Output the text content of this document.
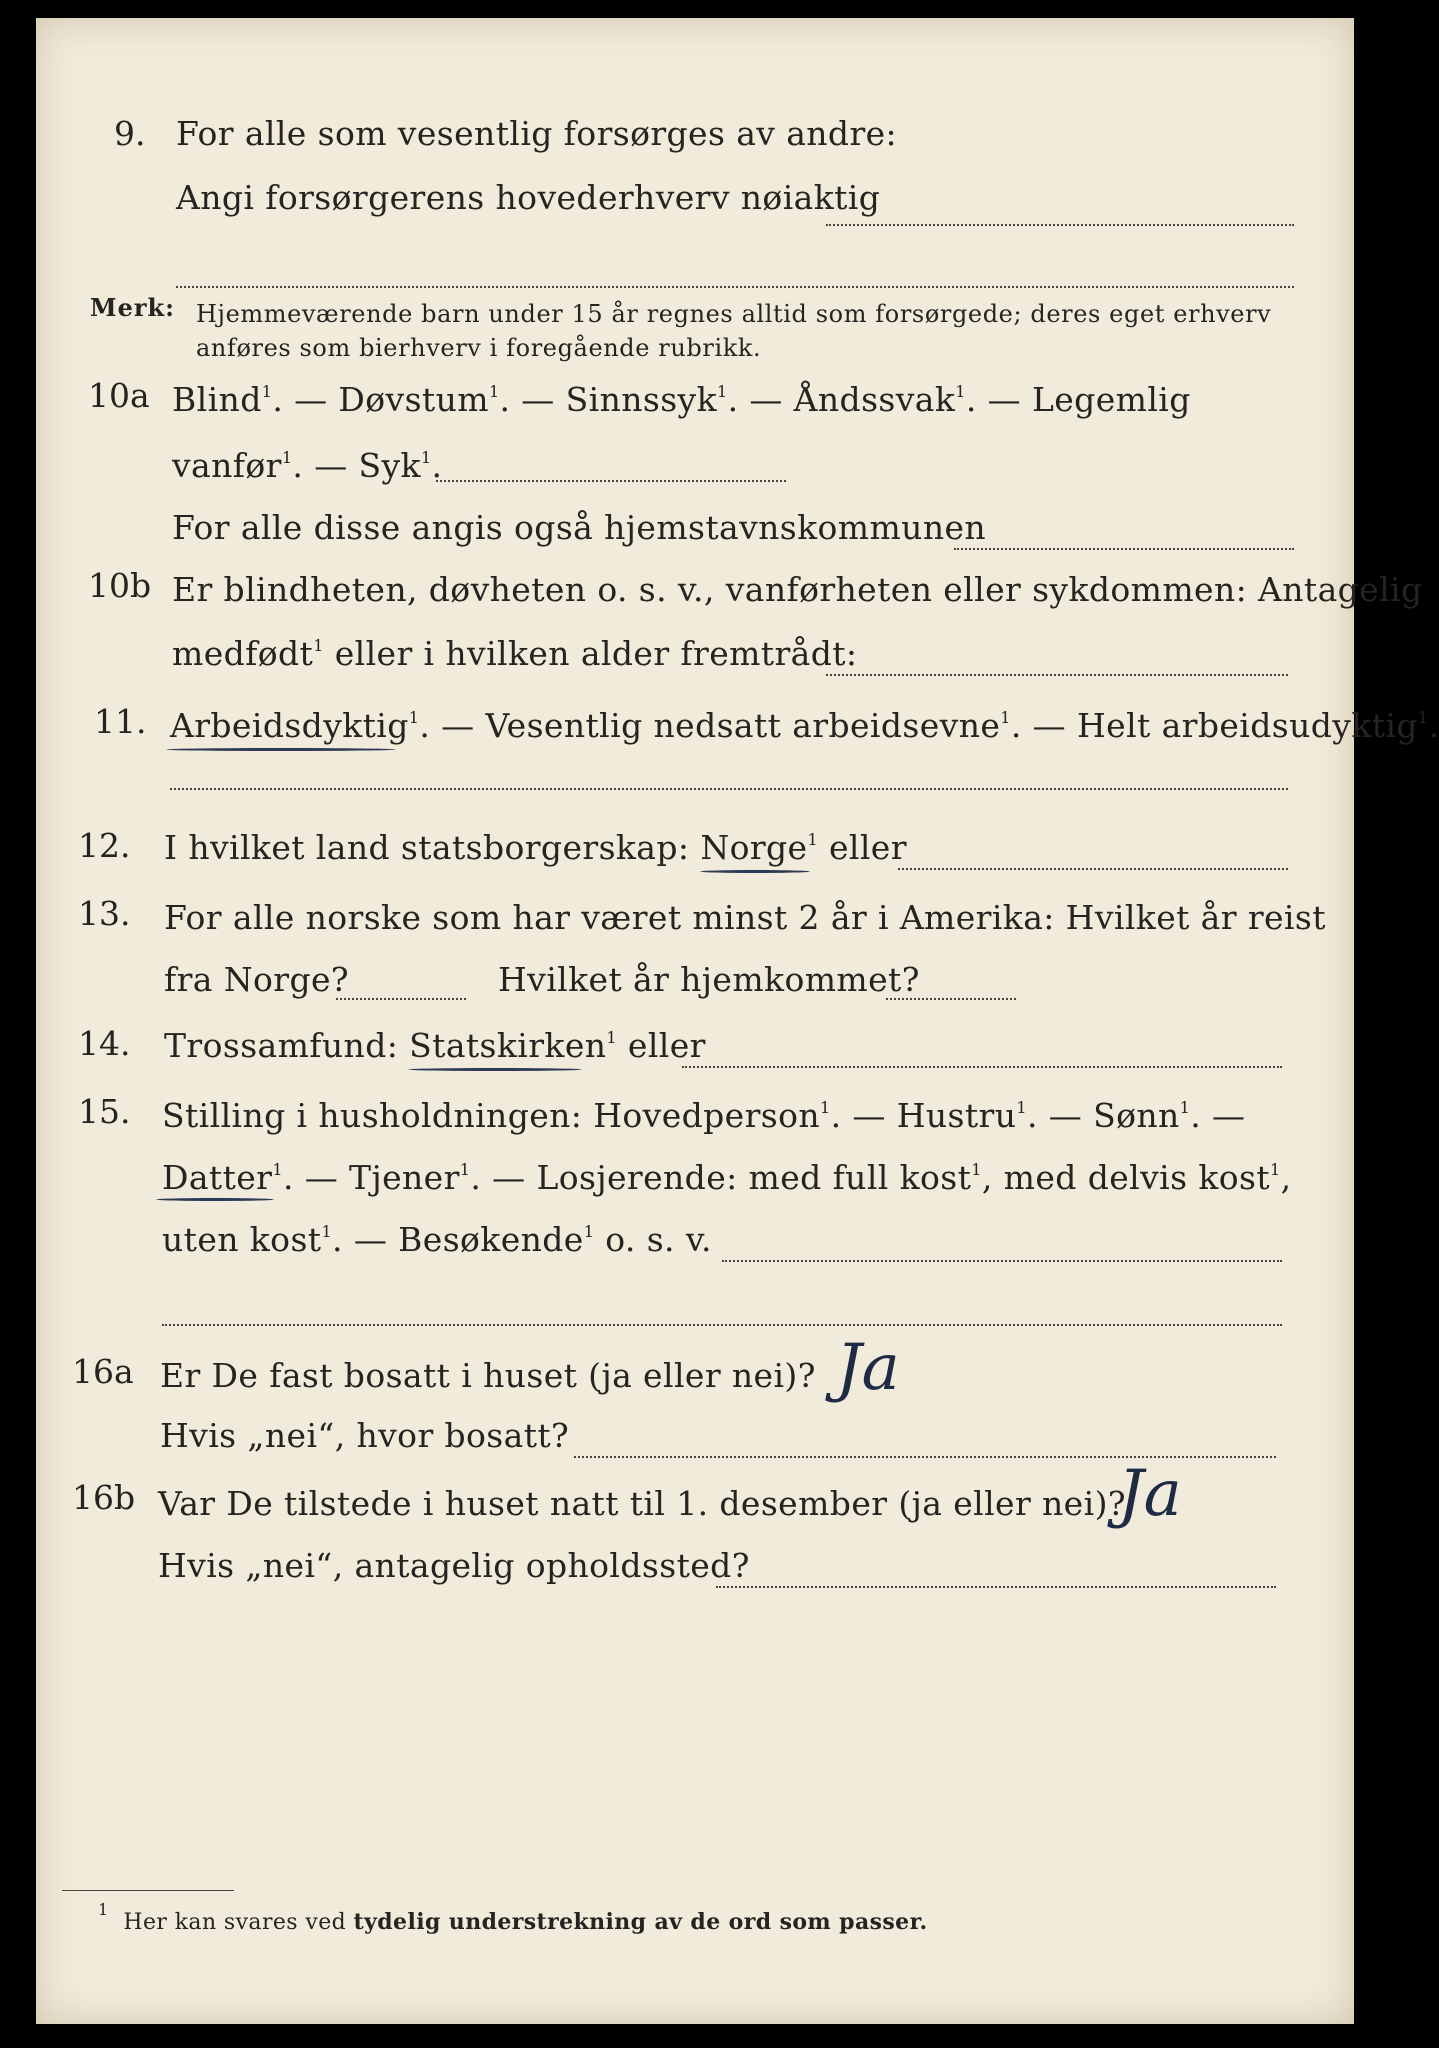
9. For alle som vesentlig forsørges av andre:
Angi forsørgerens hovederhverv nøiaktig
Merk: Hjemmeværende barn under 15 år regnes alltid som forsørgede; deres eget erhverv
anføres som bierhverv i foregående rubrikk.
10a Blind$^1$. — Døvstum$^1$. — Sinnssyk$^1$. — Åndssvak$^1$. — Legemlig
vanfør$^1$. — Syk$^1$.
For alle disse angis også hjemstavnskommunen
10b Er blindheten, døvheten o. s. v., vanførheten eller sykdommen: Antagelig
medfødt$^1$ eller i hvilken alder fremtrådt:
11. Arbeidsdyktig$^1$. — Vesentlig nedsatt arbeidsevne$^1$. — Helt arbeidsudyktig$^1$.
12. I hvilket land statsborgerskap: Norge$^1$ eller
13. For alle norske som har været minst 2 år i Amerika: Hvilket år reist
fra Norge?	Hvilket år hjemkommet?
14. Trossamfund: Statskirken$^1$ eller
15. Stilling i husholdningen: Hovedperson$^1$. — Hustru$^1$. — Sønn$^1$. —
Datter$^1$. — Tjener$^1$. — Losjerende: med full kost$^1$, med delvis kost$^1$,
uten kost$^1$. — Besøkende$^1$ o. s. v.
16a Er De fast bosatt i huset (ja eller nei)? Ja
Hvis „nei“, hvor bosatt?
16b Var De tilstede i huset natt til 1. desember (ja eller nei)?
Ja
Hvis „nei“, antagelig opholdssted?
$^1$  Her kan svares ved tydelig understrekning av de ord som passer.
